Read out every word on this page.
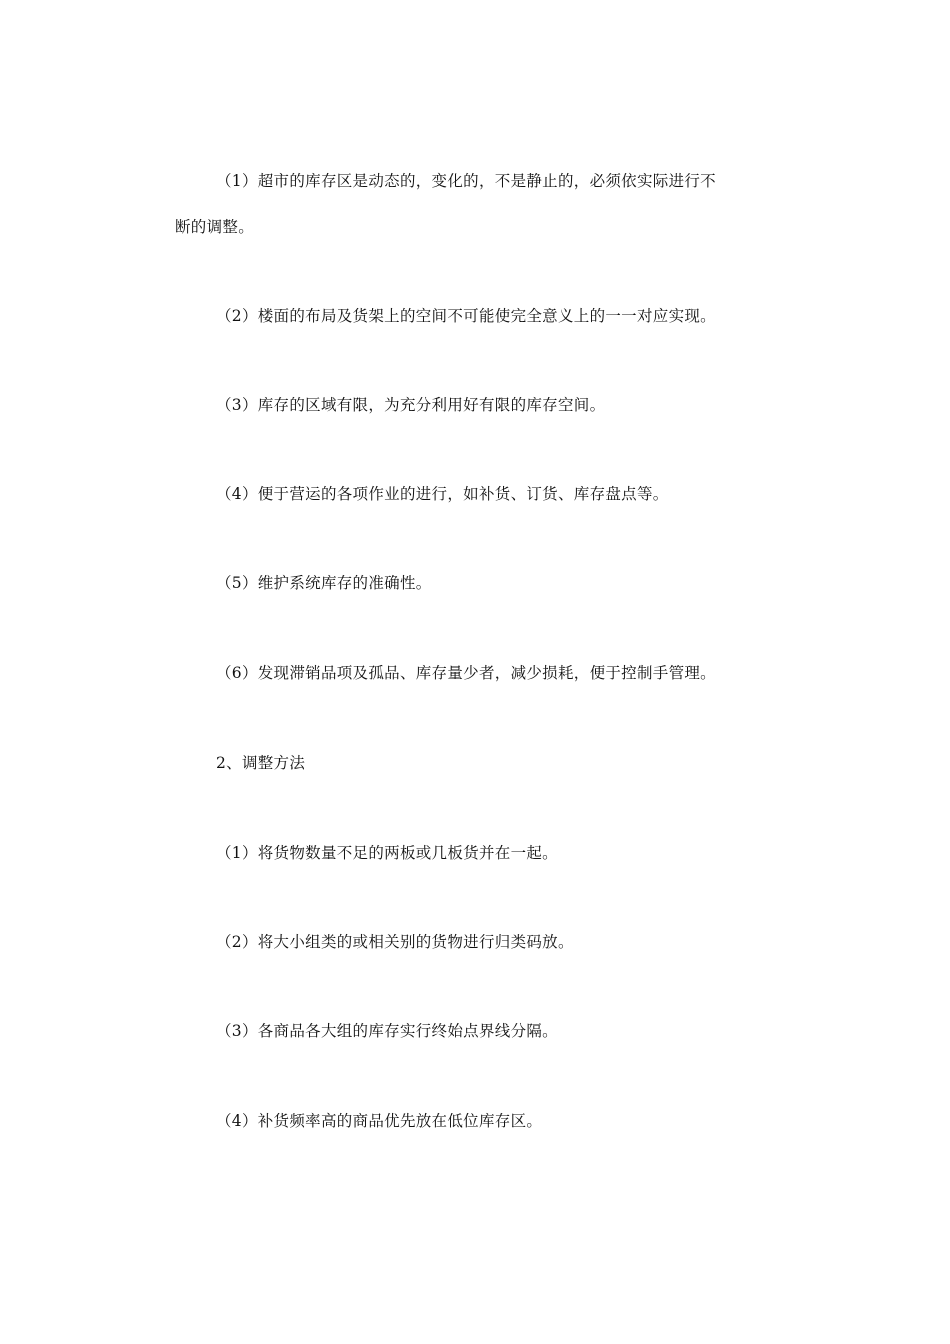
（1）超市的库存区是动态的，变化的，不是静止的，必须依实际进行不
断的调整。
（2）楼面的布局及货架上的空间不可能使完全意义上的一一对应实现。
（3）库存的区域有限，为充分利用好有限的库存空间。
（4）便于营运的各项作业的进行，如补货、订货、库存盘点等。
（5）维护系统库存的准确性。
（6）发现滞销品项及孤品、库存量少者，减少损耗，便于控制手管理。
2、调整方法
（1）将货物数量不足的两板或几板货并在一起。
（2）将大小组类的或相关别的货物进行归类码放。
（3）各商品各大组的库存实行终始点界线分隔。
（4）补货频率高的商品优先放在低位库存区。
